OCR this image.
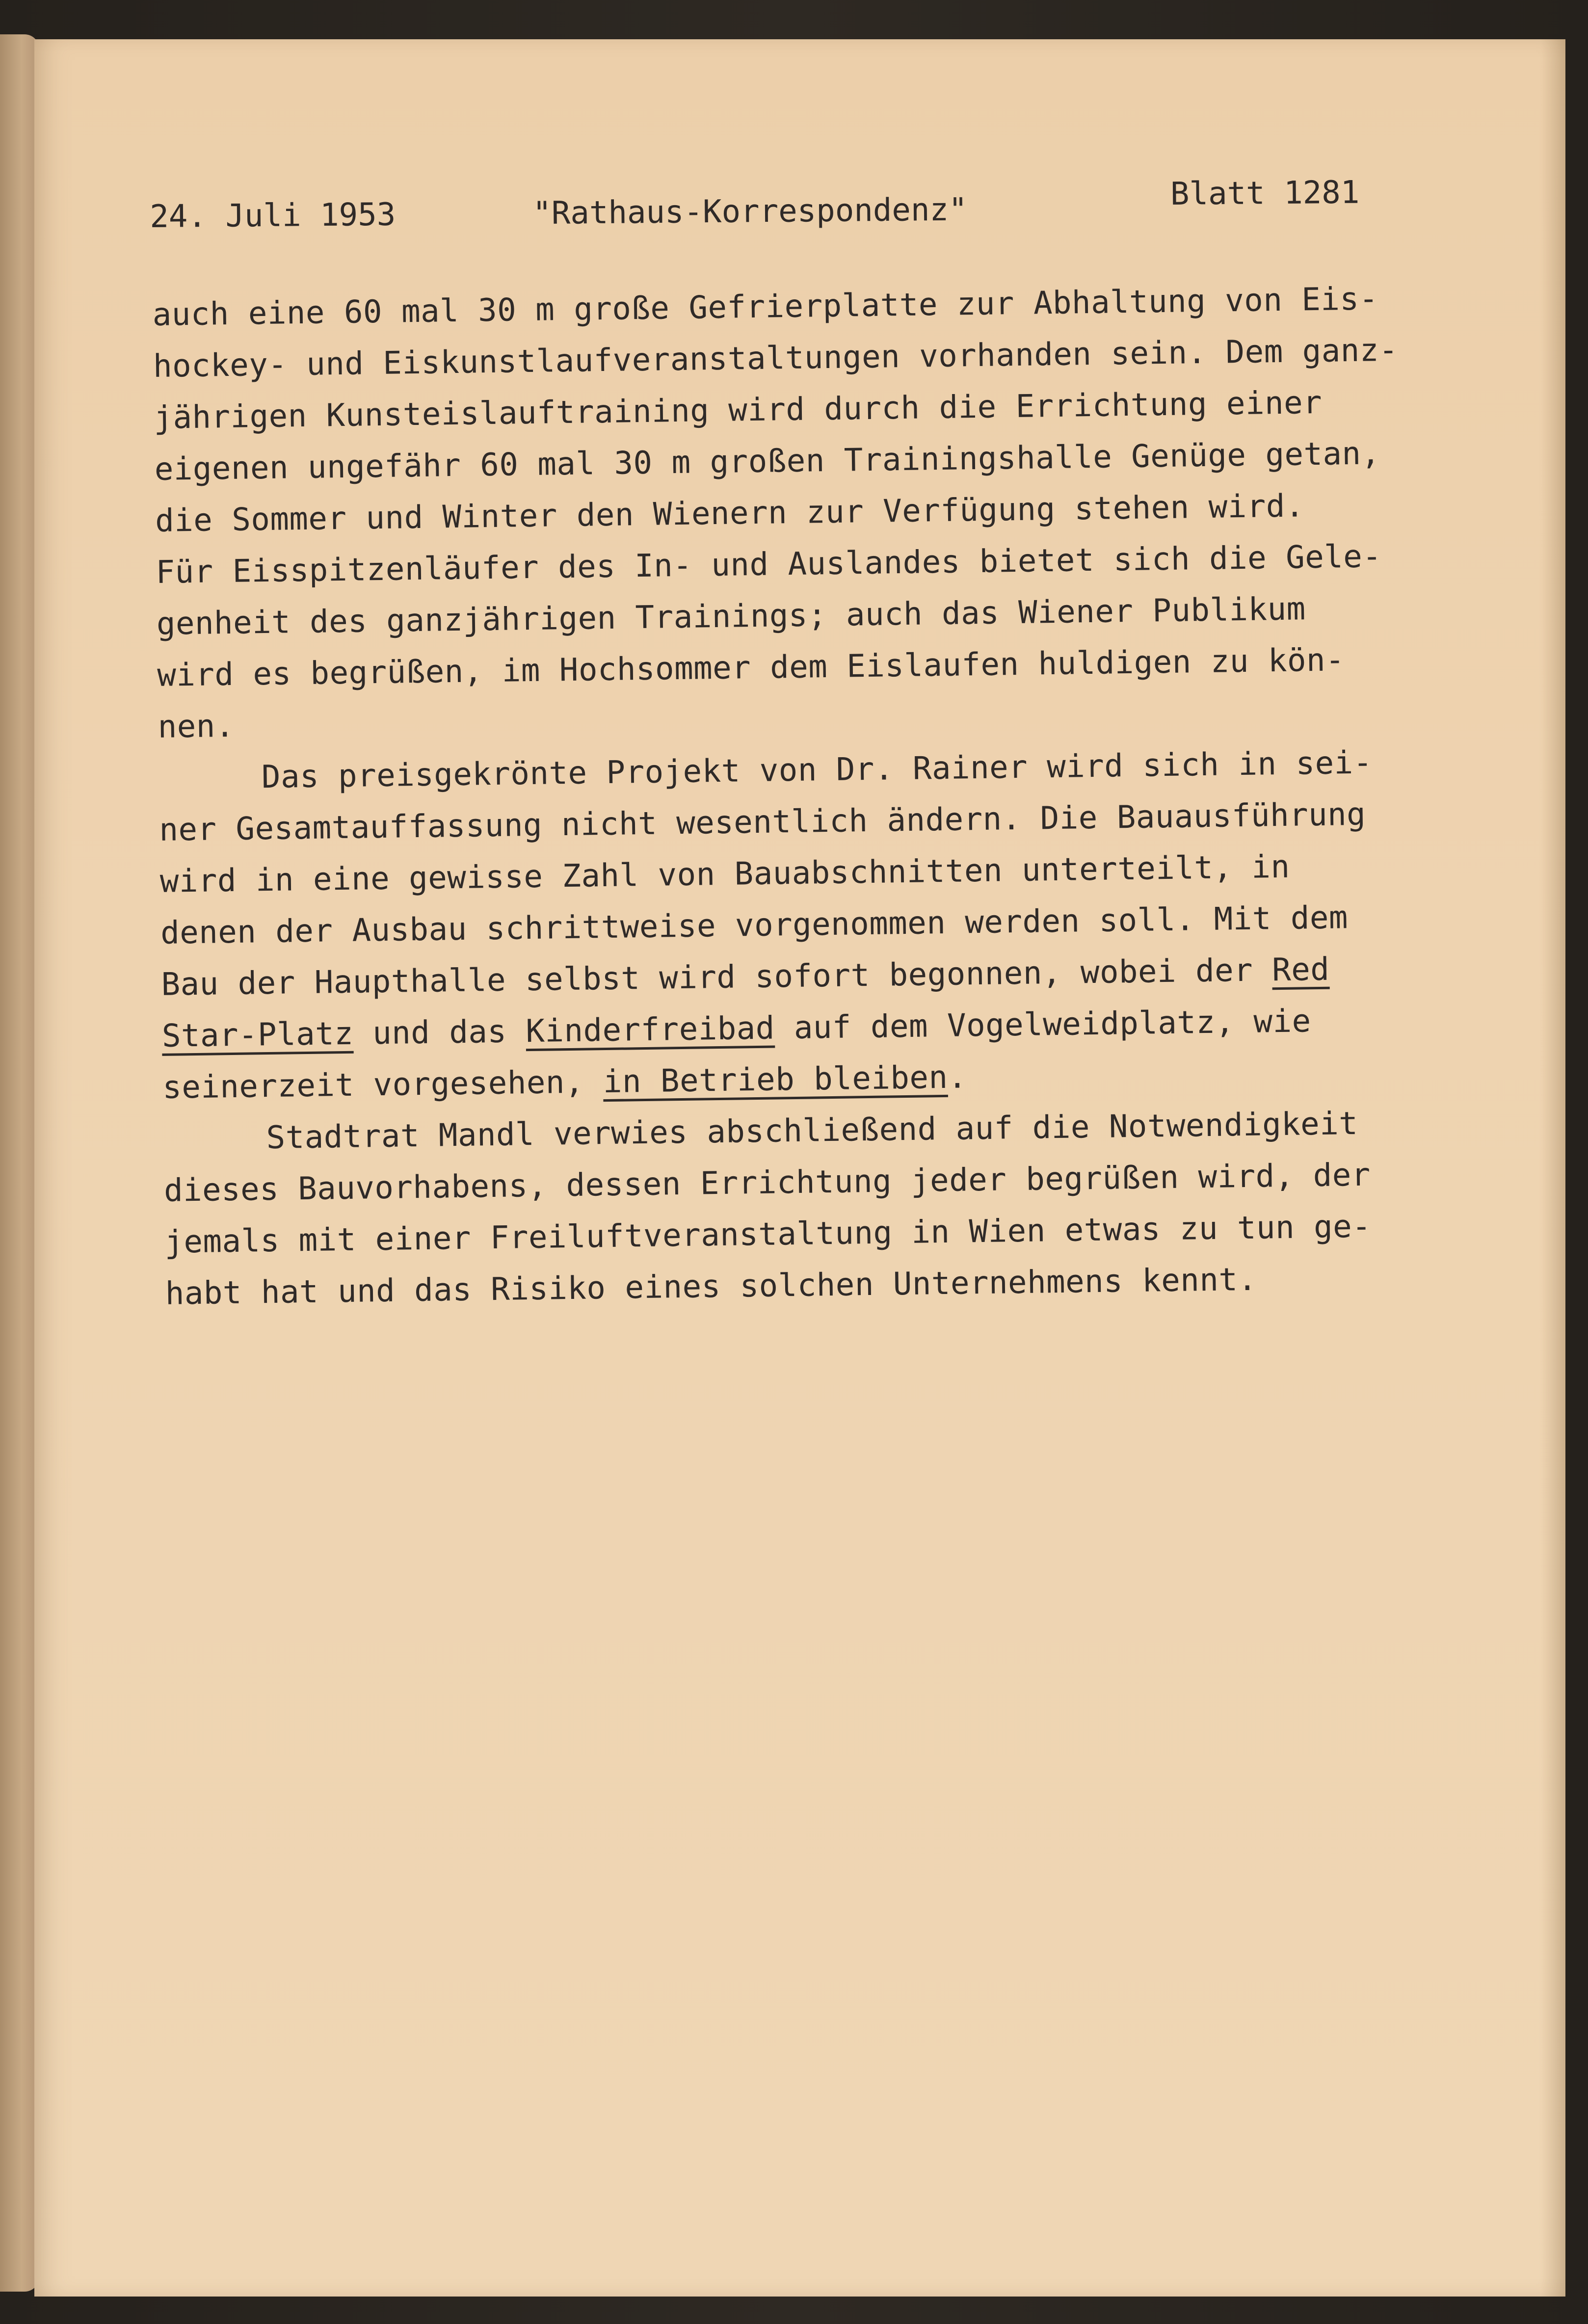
24. Juli 1953	"Rathaus-Korrespondenz"	Blatt 1281
auch eine 60 mal 30 m große Gefrierplatte zur Abhaltung von Eis-
hockey- und Eiskunstlaufveranstaltungen vorhanden sein. Dem ganz-
jährigen Kunsteislauftraining wird durch die Errichtung einer
eigenen ungefähr 60 mal 30 m großen Trainingshalle Genüge getan,
die Sommer und Winter den Wienern zur Verfügung stehen wird.
Für Eisspitzenläufer des In- und Auslandes bietet sich die Gele-
genheit des ganzjährigen Trainings; auch das Wiener Publikum
wird es begrüßen, im Hochsommer dem Eislaufen huldigen zu kön-
nen.
Das preisgekrönte Projekt von Dr. Rainer wird sich in sei-
ner Gesamtauffassung nicht wesentlich ändern. Die Bauausführung
wird in eine gewisse Zahl von Bauabschnitten unterteilt, in
denen der Ausbau schrittweise vorgenommen werden soll. Mit dem
Bau der Haupthalle selbst wird sofort begonnen, wobei der Red
Star-Platz und das Kinderfreibad auf dem Vogelweidplatz, wie
seinerzeit vorgesehen, in Betrieb bleiben.
Stadtrat Mandl verwies abschließend auf die Notwendigkeit
dieses Bauvorhabens, dessen Errichtung jeder begrüßen wird, der
jemals mit einer Freiluftveranstaltung in Wien etwas zu tun ge-
habt hat und das Risiko eines solchen Unternehmens kennt.
